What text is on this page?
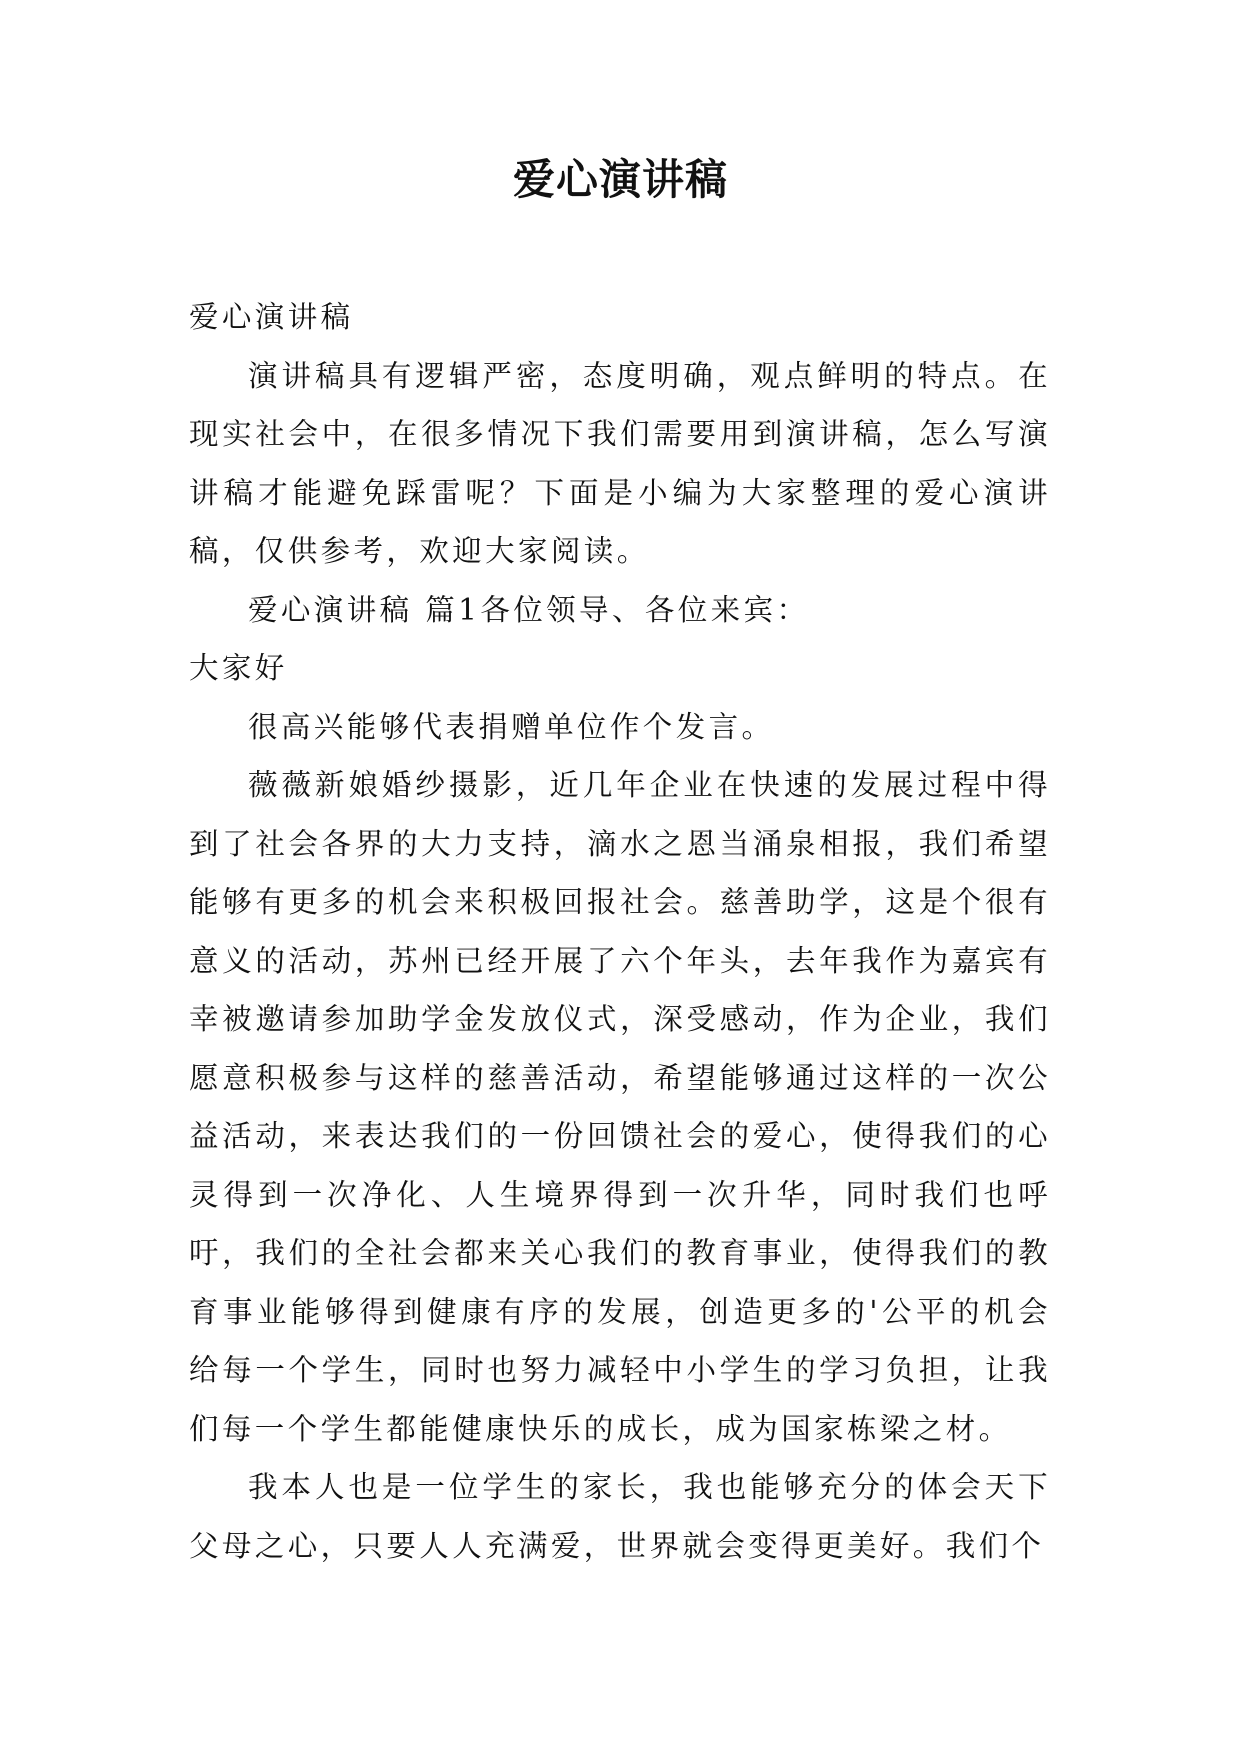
爱心演讲稿

爱心演讲稿

演讲稿具有逻辑严密，态度明确，观点鲜明的特点。在现实社会中，在很多情况下我们需要用到演讲稿，怎么写演讲稿才能避免踩雷呢？下面是小编为大家整理的爱心演讲稿，仅供参考，欢迎大家阅读。

爱心演讲稿 篇1各位领导、各位来宾：

大家好

很高兴能够代表捐赠单位作个发言。

薇薇新娘婚纱摄影，近几年企业在快速的发展过程中得到了社会各界的大力支持，滴水之恩当涌泉相报，我们希望能够有更多的机会来积极回报社会。慈善助学，这是个很有意义的活动，苏州已经开展了六个年头，去年我作为嘉宾有幸被邀请参加助学金发放仪式，深受感动，作为企业，我们愿意积极参与这样的慈善活动，希望能够通过这样的一次公益活动，来表达我们的一份回馈社会的爱心，使得我们的心灵得到一次净化、人生境界得到一次升华，同时我们也呼吁，我们的全社会都来关心我们的教育事业，使得我们的教育事业能够得到健康有序的发展，创造更多的'公平的机会给每一个学生，同时也努力减轻中小学生的学习负担，让我们每一个学生都能健康快乐的成长，成为国家栋梁之材。

我本人也是一位学生的家长，我也能够充分的体会天下父母之心，只要人人充满爱，世界就会变得更美好。我们个
